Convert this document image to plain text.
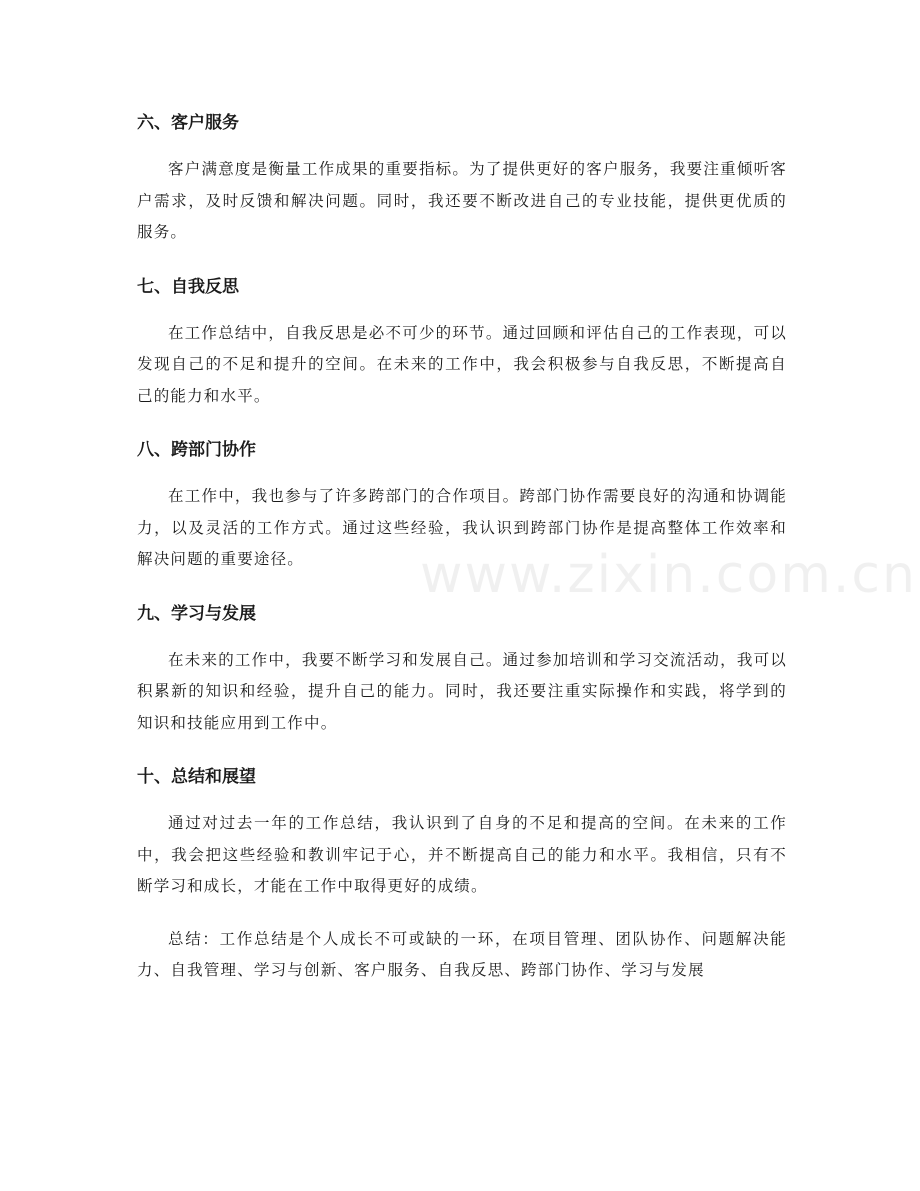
六、客户服务

客户满意度是衡量工作成果的重要指标。为了提供更好的客户服务，我要注重倾听客户需求，及时反馈和解决问题。同时，我还要不断改进自己的专业技能，提供更优质的服务。

七、自我反思

在工作总结中，自我反思是必不可少的环节。通过回顾和评估自己的工作表现，可以发现自己的不足和提升的空间。在未来的工作中，我会积极参与自我反思，不断提高自己的能力和水平。

八、跨部门协作

在工作中，我也参与了许多跨部门的合作项目。跨部门协作需要良好的沟通和协调能力，以及灵活的工作方式。通过这些经验，我认识到跨部门协作是提高整体工作效率和解决问题的重要途径。

九、学习与发展

在未来的工作中，我要不断学习和发展自己。通过参加培训和学习交流活动，我可以积累新的知识和经验，提升自己的能力。同时，我还要注重实际操作和实践，将学到的知识和技能应用到工作中。

十、总结和展望

通过对过去一年的工作总结，我认识到了自身的不足和提高的空间。在未来的工作中，我会把这些经验和教训牢记于心，并不断提高自己的能力和水平。我相信，只有不断学习和成长，才能在工作中取得更好的成绩。

总结：工作总结是个人成长不可或缺的一环，在项目管理、团队协作、问题解决能力、自我管理、学习与创新、客户服务、自我反思、跨部门协作、学习与发展

www.zixin.com.cn
